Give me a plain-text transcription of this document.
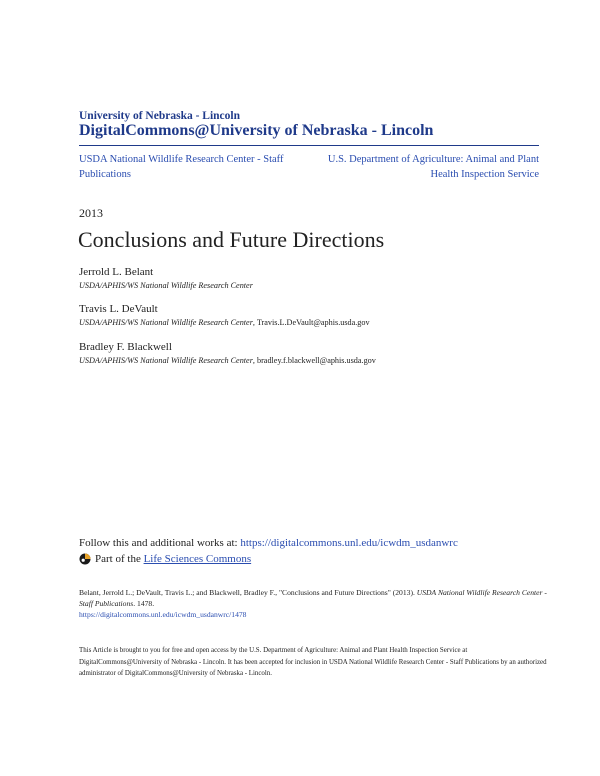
University of Nebraska - Lincoln
DigitalCommons@University of Nebraska - Lincoln
USDA National Wildlife Research Center - Staff Publications
U.S. Department of Agriculture: Animal and Plant Health Inspection Service
2013
Conclusions and Future Directions
Jerrold L. Belant
USDA/APHIS/WS National Wildlife Research Center
Travis L. DeVault
USDA/APHIS/WS National Wildlife Research Center, Travis.L.DeVault@aphis.usda.gov
Bradley F. Blackwell
USDA/APHIS/WS National Wildlife Research Center, bradley.f.blackwell@aphis.usda.gov
Follow this and additional works at: https://digitalcommons.unl.edu/icwdm_usdanwrc
Part of the
Life Sciences Commons
Belant, Jerrold L.; DeVault, Travis L.; and Blackwell, Bradley F., "Conclusions and Future Directions" (2013). USDA National Wildlife Research Center - Staff Publications. 1478.
https://digitalcommons.unl.edu/icwdm_usdanwrc/1478
This Article is brought to you for free and open access by the U.S. Department of Agriculture: Animal and Plant Health Inspection Service at DigitalCommons@University of Nebraska - Lincoln. It has been accepted for inclusion in USDA National Wildlife Research Center - Staff Publications by an authorized administrator of DigitalCommons@University of Nebraska - Lincoln.
